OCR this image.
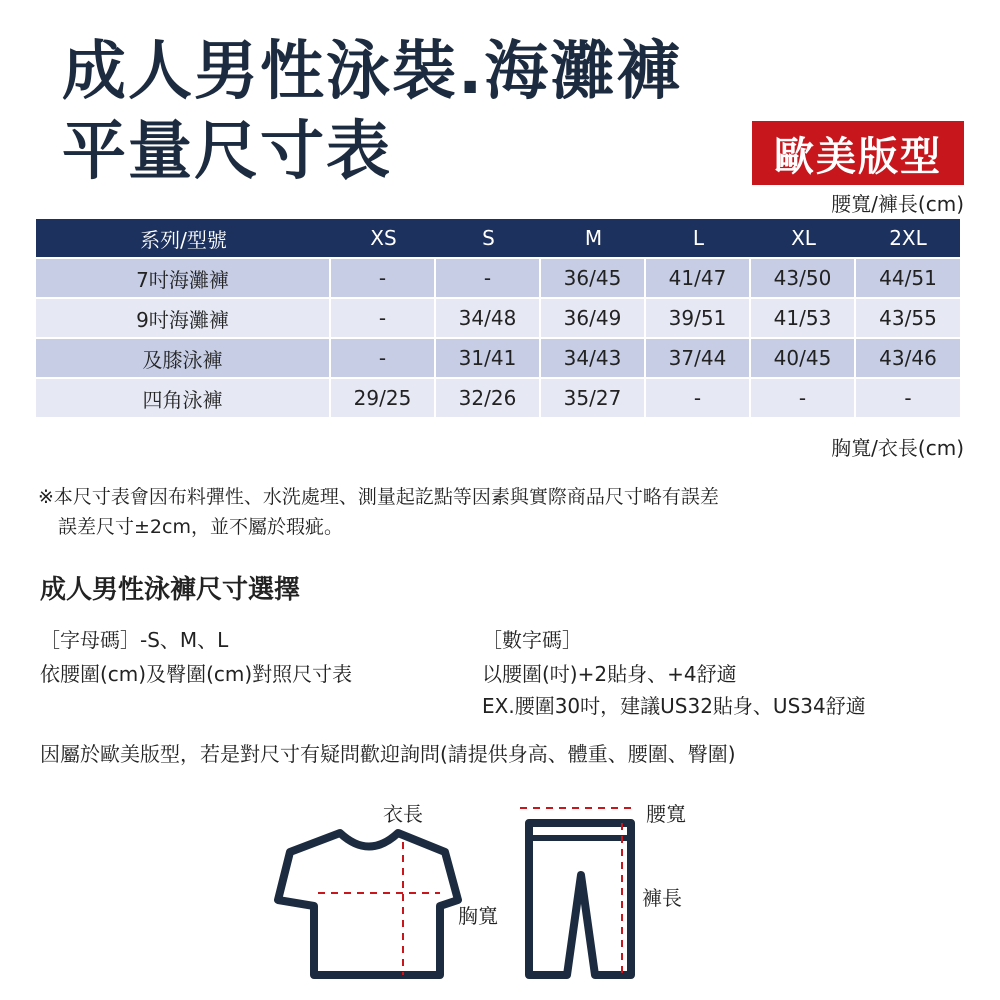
成人男性泳裝.海灘褲
平量尺寸表	歐美版型
腰寬/褲長(cm)
系列/型號	XS	S	M	L	XL	2XL
7吋海灘褲	-	-	36/45	41/47	43/50	44/51
9吋海灘褲	-	34/48	36/49	39/51	41/53	43/55
及膝泳褲	-	31/41	34/43	37/44	40/45	43/46
四角泳褲	29/25	32/26	35/27	-	-	-
胸寬/衣長(cm)
※本尺寸表會因布料彈性、水洗處理、測量起訖點等因素與實際商品尺寸略有誤差
誤差尺寸±2cm，並不屬於瑕疵。
成人男性泳褲尺寸選擇
［字母碼］-S、M、L
依腰圍(cm)及臀圍(cm)對照尺寸表
［數字碼］
以腰圍(吋)+2貼身、+4舒適
EX.腰圍30吋，建議US32貼身、US34舒適
因屬於歐美版型，若是對尺寸有疑問歡迎詢問(請提供身高、體重、腰圍、臀圍)
衣長
胸寬
腰寬
褲長
